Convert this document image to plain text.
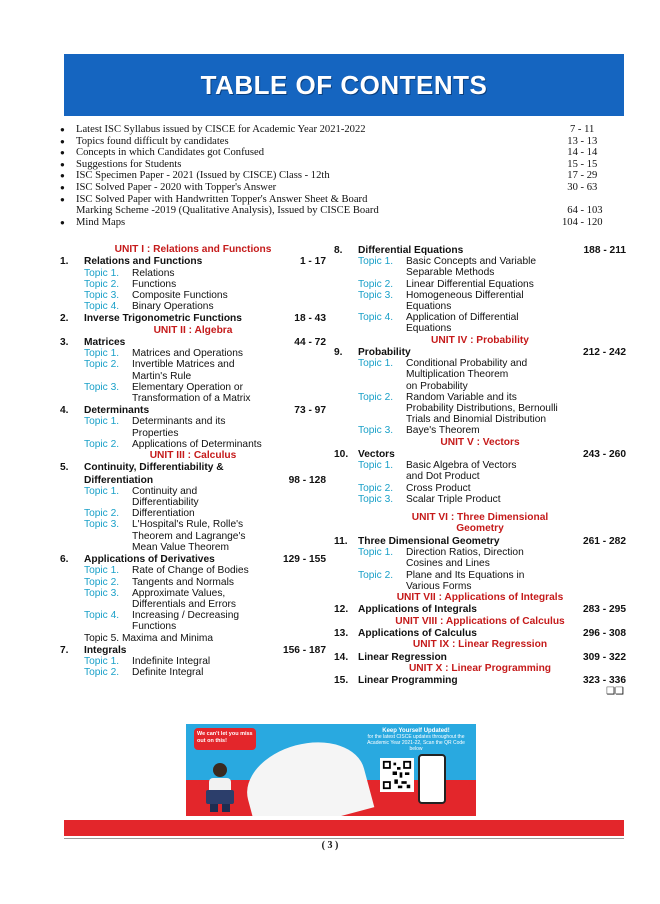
TABLE OF CONTENTS
●	Latest ISC Syllabus issued by CISCE for Academic Year 2021-2022	7 - 11
●	Topics found difficult by candidates	13 - 13
●	Concepts in which Candidates got Confused	14 - 14
●	Suggestions for Students	15 - 15
●	ISC Specimen Paper - 2021 (Issued by CISCE) Class - 12th	17 - 29
●	ISC Solved Paper - 2020 with Topper's Answer	30 - 63
●	ISC Solved Paper with Handwritten Topper's Answer Sheet & Board
Marking Scheme -2019 (Qualitative Analysis), Issued by CISCE Board	64 - 103
●	Mind Maps	104 - 120
UNIT I : Relations and Functions
1.	Relations and Functions	1 - 17
Topic 1.	Relations
Topic 2.	Functions
Topic 3.	Composite Functions
Topic 4.	Binary Operations
2.	Inverse Trigonometric Functions	18 - 43
UNIT II : Algebra
3.	Matrices	44 - 72
Topic 1.	Matrices and Operations
Topic 2.	Invertible Matrices and
Martin's Rule
Topic 3.	Elementary Operation or
Transformation of a Matrix
4.	Determinants	73 - 97
Topic 1.	Determinants and its
Properties
Topic 2.	Applications of Determinants
UNIT III : Calculus
5.	Continuity, Differentiability &
Differentiation	98 - 128
Topic 1.	Continuity and
Differentiability
Topic 2.	Differentiation
Topic 3.	L'Hospital's Rule, Rolle's
Theorem and Lagrange's
Mean Value Theorem
6.	Applications of Derivatives	129 - 155
Topic 1.	Rate of Change of Bodies
Topic 2.	Tangents and Normals
Topic 3.	Approximate Values,
Differentials and Errors
Topic 4.	Increasing / Decreasing
Functions
Topic 5. Maxima and Minima
7.	Integrals	156 - 187
Topic 1.	Indefinite Integral
Topic 2.	Definite Integral
8.	Differential Equations	188 - 211
Topic 1.	Basic Concepts and Variable
Separable Methods
Topic 2.	Linear Differential Equations
Topic 3.	Homogeneous Differential
Equations
Topic 4.	Application of Differential
Equations
UNIT IV : Probability
9.	Probability	212 - 242
Topic 1.	Conditional Probability and
Multiplication Theorem
on Probability
Topic 2.	Random Variable and its
Probability Distributions, Bernoulli
Trials and Binomial Distribution
Topic 3.	Baye's Theorem
UNIT V : Vectors
10. Vectors	243 - 260
Topic 1.	Basic Algebra of Vectors
and Dot Product
Topic 2.	Cross Product
Topic 3.	Scalar Triple Product
UNIT VI : Three Dimensional
Geometry
11.	Three Dimensional Geometry	261 - 282
Topic 1.	Direction Ratios, Direction
Cosines and Lines
Topic 2.	Plane and Its Equations in
Various Forms
UNIT VII : Applications of Integrals
12. Applications of Integrals	283 - 295
UNIT VIII : Applications of Calculus
13. Applications of Calculus	296 - 308
UNIT IX : Linear Regression
14. Linear Regression	309 - 322
UNIT X : Linear Programming
15. Linear Programming	323 - 336
❑❑
We can't let you miss out on this!
Keep Yourself Updated!
for the latest CISCE updates throughout the Academic Year 2021-22, Scan the QR Code below
( 3 )
